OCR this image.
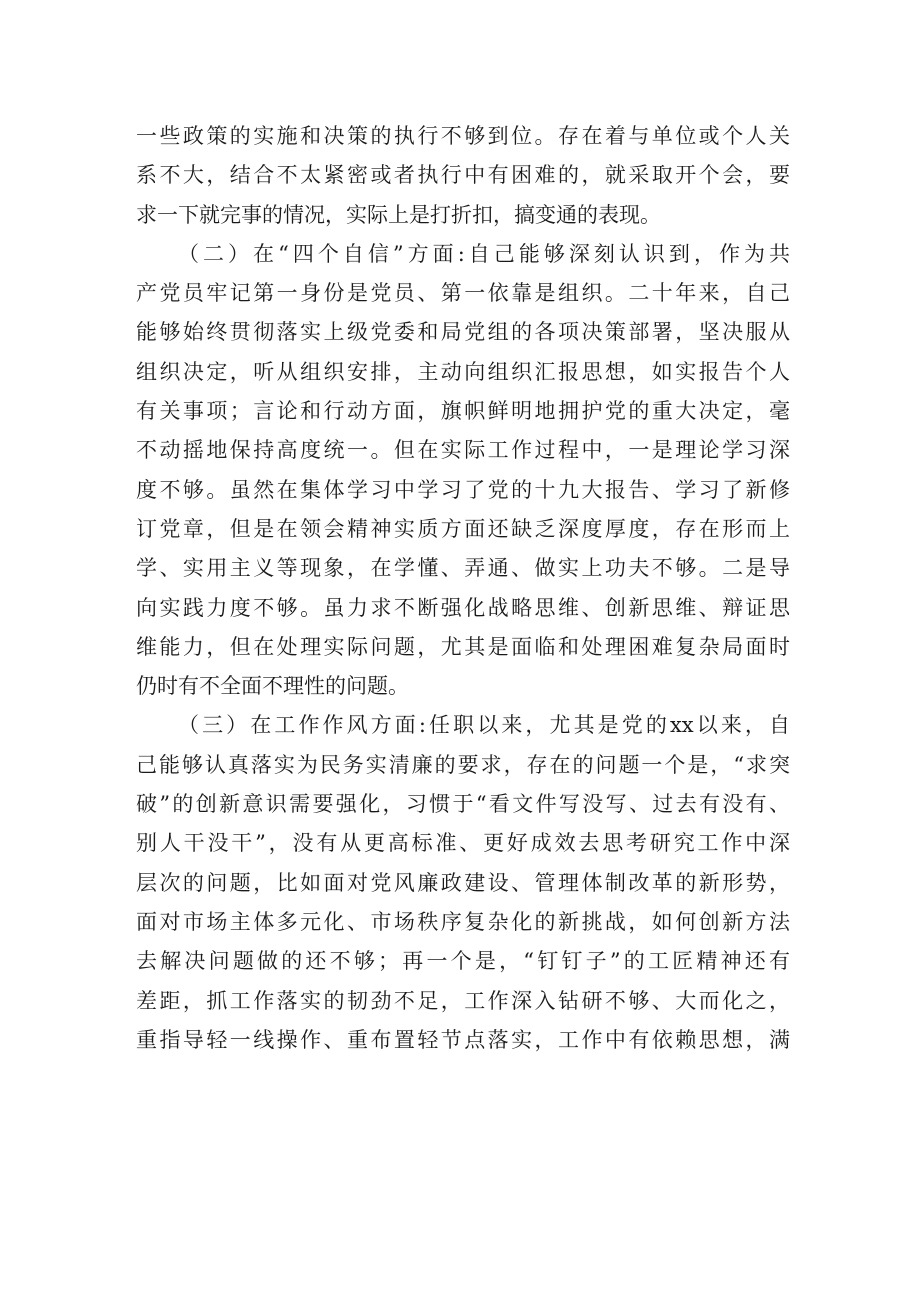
一些政策的实施和决策的执行不够到位。存在着与单位或个人关
系不大，结合不太紧密或者执行中有困难的，就采取开个会，要
求一下就完事的情况，实际上是打折扣，搞变通的表现。
（二）在“四个自信”方面:自己能够深刻认识到，作为共
产党员牢记第一身份是党员、第一依靠是组织。二十年来，自己
能够始终贯彻落实上级党委和局党组的各项决策部署，坚决服从
组织决定，听从组织安排，主动向组织汇报思想，如实报告个人
有关事项；言论和行动方面，旗帜鲜明地拥护党的重大决定，毫
不动摇地保持高度统一。但在实际工作过程中，一是理论学习深
度不够。虽然在集体学习中学习了党的十九大报告、学习了新修
订党章，但是在领会精神实质方面还缺乏深度厚度，存在形而上
学、实用主义等现象，在学懂、弄通、做实上功夫不够。二是导
向实践力度不够。虽力求不断强化战略思维、创新思维、辩证思
维能力，但在处理实际问题，尤其是面临和处理困难复杂局面时
仍时有不全面不理性的问题。
（三）在工作作风方面:任职以来，尤其是党的xx以来，自
己能够认真落实为民务实清廉的要求，存在的问题一个是，“求突
破”的创新意识需要强化，习惯于“看文件写没写、过去有没有、
别人干没干”，没有从更高标准、更好成效去思考研究工作中深
层次的问题，比如面对党风廉政建设、管理体制改革的新形势，
面对市场主体多元化、市场秩序复杂化的新挑战，如何创新方法
去解决问题做的还不够；再一个是，“钉钉子”的工匠精神还有
差距，抓工作落实的韧劲不足，工作深入钻研不够、大而化之，
重指导轻一线操作、重布置轻节点落实，工作中有依赖思想，满
